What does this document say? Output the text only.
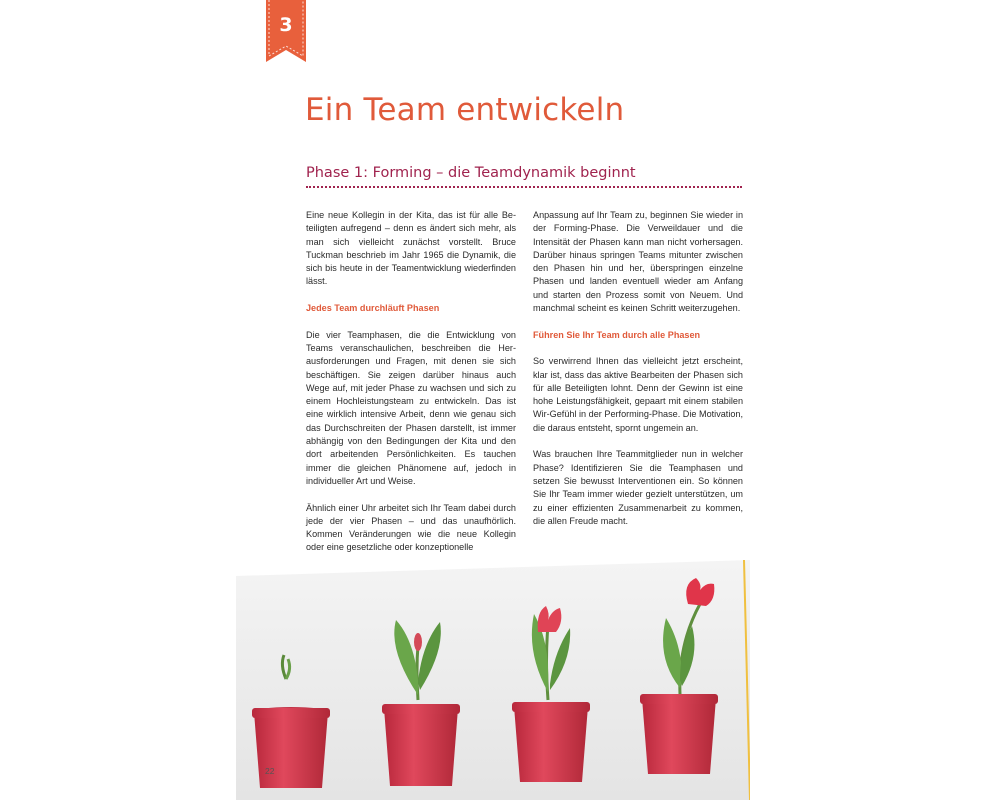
3
Ein Team entwickeln
Phase 1: Forming – die Teamdynamik beginnt

Eine neue Kollegin in der Kita, das ist für alle Beteiligten aufregend – denn es ändert sich mehr, als man sich vielleicht zunächst vorstellt. Bruce Tuckman beschrieb im Jahr 1965 die Dynamik, die sich bis heute in der Teamentwicklung wiederfinden lässt.

Jedes Team durchläuft Phasen

Die vier Teamphasen, die die Entwicklung von Teams veranschaulichen, beschreiben die Herausforderungen und Fragen, mit denen sie sich beschäftigen. Sie zeigen darüber hinaus auch Wege auf, mit jeder Phase zu wachsen und sich zu einem Hochleistungsteam zu entwickeln. Das ist eine wirklich intensive Arbeit, denn wie genau sich das Durchschreiten der Phasen darstellt, ist immer abhängig von den Bedingungen der Kita und den dort arbeitenden Persönlichkeiten. Es tauchen immer die gleichen Phänomene auf, jedoch in individueller Art und Weise.

Ähnlich einer Uhr arbeitet sich Ihr Team dabei durch jede der vier Phasen – und das unaufhörlich. Kommen Veränderungen wie die neue Kollegin oder eine gesetzliche oder konzeptionelle

Anpassung auf Ihr Team zu, beginnen Sie wieder in der Forming-Phase. Die Verweildauer und die Intensität der Phasen kann man nicht vorhersagen. Darüber hinaus springen Teams mitunter zwischen den Phasen hin und her, überspringen einzelne Phasen und landen eventuell wieder am Anfang und starten den Prozess somit von Neuem. Und manchmal scheint es keinen Schritt weiterzugehen.

Führen Sie Ihr Team durch alle Phasen

So verwirrend Ihnen das vielleicht jetzt erscheint, klar ist, dass das aktive Bearbeiten der Phasen sich für alle Beteiligten lohnt. Denn der Gewinn ist eine hohe Leistungsfähigkeit, gepaart mit einem stabilen Wir-Gefühl in der Performing-Phase. Die Motivation, die daraus entsteht, spornt ungemein an.

Was brauchen Ihre Teammitglieder nun in welcher Phase? Identifizieren Sie die Teamphasen und setzen Sie bewusst Interventionen ein. So können Sie Ihr Team immer wieder gezielt unterstützen, um zu einer effizienten Zusammenarbeit zu kommen, die allen Freude macht.

22
